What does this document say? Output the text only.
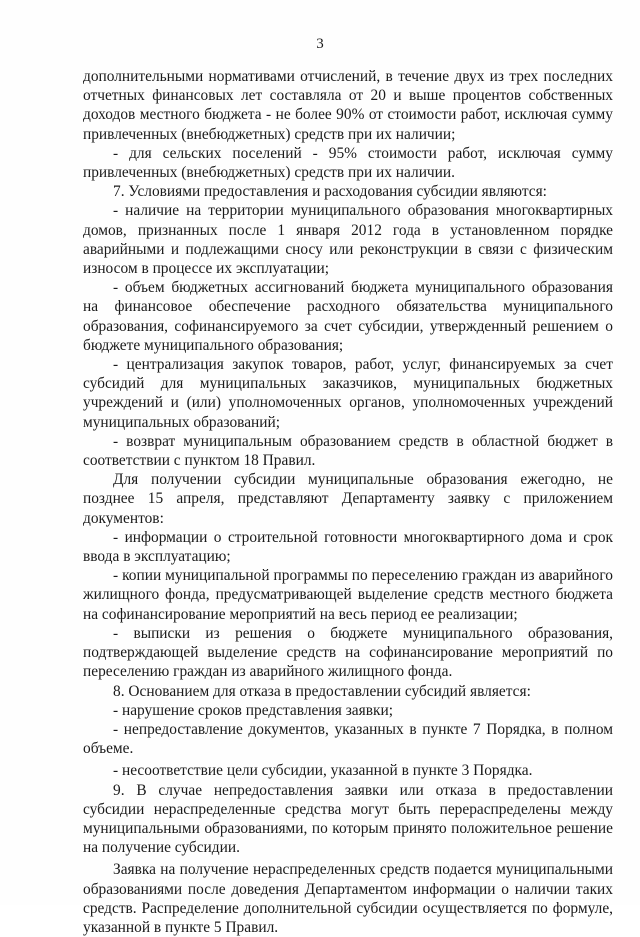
3

дополнительными нормативами отчислений, в течение двух из трех последних отчетных финансовых лет составляла от 20 и выше процентов собственных доходов местного бюджета - не более 90% от стоимости работ, исключая сумму привлеченных (внебюджетных) средств при их наличии;

- для сельских поселений - 95% стоимости работ, исключая сумму привлеченных (внебюджетных) средств при их наличии.

7. Условиями предоставления и расходования субсидии являются:

- наличие на территории муниципального образования многоквартирных домов, признанных после 1 января 2012 года в установленном порядке аварийными и подлежащими сносу или реконструкции в связи с физическим износом в процессе их эксплуатации;

- объем бюджетных ассигнований бюджета муниципального образования на финансовое обеспечение расходного обязательства муниципального образования, софинансируемого за счет субсидии, утвержденный решением о бюджете муниципального образования;

- централизация закупок товаров, работ, услуг, финансируемых за счет субсидий для муниципальных заказчиков, муниципальных бюджетных учреждений и (или) уполномоченных органов, уполномоченных учреждений муниципальных образований;

- возврат муниципальным образованием средств в областной бюджет в соответствии с пунктом 18 Правил.

Для получении субсидии муниципальные образования ежегодно, не позднее 15 апреля, представляют Департаменту заявку с приложением документов:

- информации о строительной готовности многоквартирного дома и срок ввода в эксплуатацию;

- копии муниципальной программы по переселению граждан из аварийного жилищного фонда, предусматривающей выделение средств местного бюджета на софинансирование мероприятий на весь период ее реализации;

- выписки из решения о бюджете муниципального образования, подтверждающей выделение средств на софинансирование мероприятий по переселению граждан из аварийного жилищного фонда.

8. Основанием для отказа в предоставлении субсидий является:

- нарушение сроков представления заявки;

- непредоставление документов, указанных в пункте 7 Порядка, в полном объеме.

- несоответствие цели субсидии, указанной в пункте 3 Порядка.

9. В случае непредоставления заявки или отказа в предоставлении субсидии нераспределенные средства могут быть перераспределены между муниципальными образованиями, по которым принято положительное решение на получение субсидии.

Заявка на получение нераспределенных средств подается муниципальными образованиями после доведения Департаментом информации о наличии таких средств. Распределение дополнительной субсидии осуществляется по формуле, указанной в пункте 5 Правил.
